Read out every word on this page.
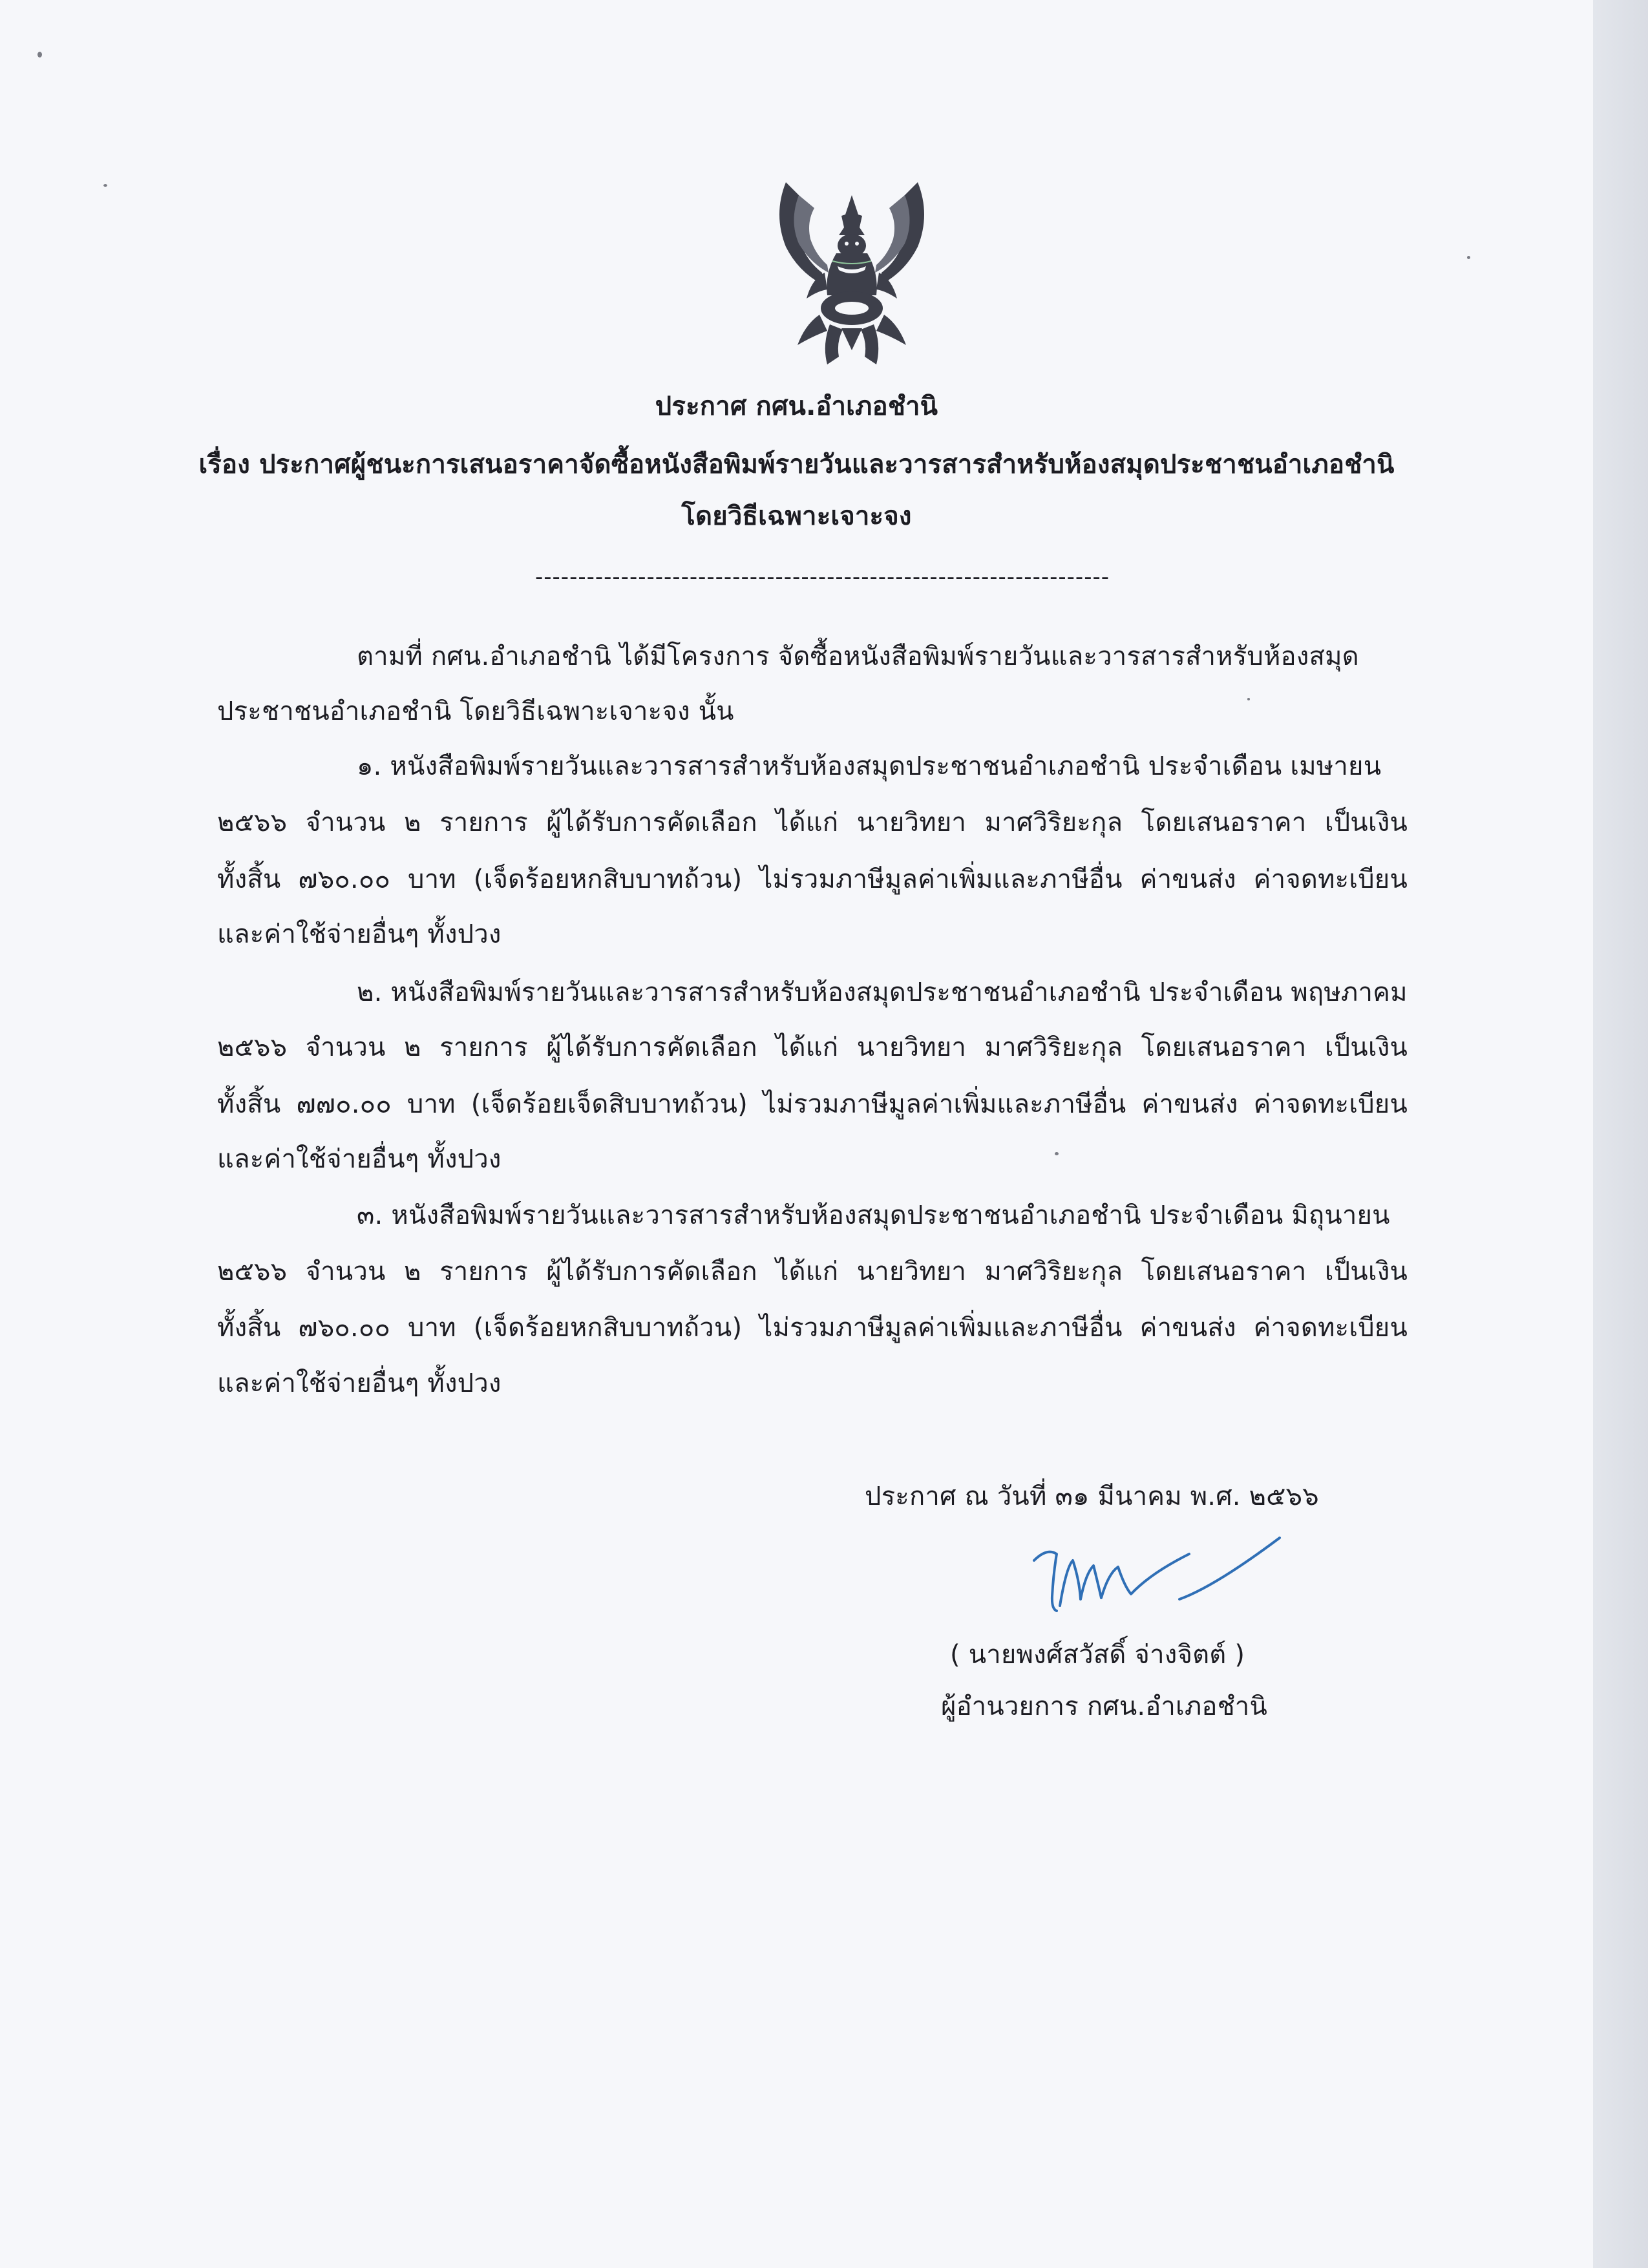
ประกาศ กศน.อำเภอชำนิ
เรื่อง ประกาศผู้ชนะการเสนอราคาจัดซื้อหนังสือพิมพ์รายวันและวารสารสำหรับห้องสมุดประชาชนอำเภอชำนิ
โดยวิธีเฉพาะเจาะจง
-------------------------------------------------------------------
ตามที่ กศน.อำเภอชำนิ ได้มีโครงการ จัดซื้อหนังสือพิมพ์รายวันและวารสารสำหรับห้องสมุด
ประชาชนอำเภอชำนิ โดยวิธีเฉพาะเจาะจง นั้น
๑. หนังสือพิมพ์รายวันและวารสารสำหรับห้องสมุดประชาชนอำเภอชำนิ ประจำเดือน เมษายน
๒๕๖๖ จำนวน ๒ รายการ ผู้ได้รับการคัดเลือก ได้แก่ นายวิทยา มาศวิริยะกุล โดยเสนอราคา เป็นเงิน
ทั้งสิ้น ๗๖๐.๐๐ บาท (เจ็ดร้อยหกสิบบาทถ้วน) ไม่รวมภาษีมูลค่าเพิ่มและภาษีอื่น ค่าขนส่ง ค่าจดทะเบียน
และค่าใช้จ่ายอื่นๆ ทั้งปวง
๒. หนังสือพิมพ์รายวันและวารสารสำหรับห้องสมุดประชาชนอำเภอชำนิ ประจำเดือน พฤษภาคม
๒๕๖๖ จำนวน ๒ รายการ ผู้ได้รับการคัดเลือก ได้แก่ นายวิทยา มาศวิริยะกุล โดยเสนอราคา เป็นเงิน
ทั้งสิ้น ๗๗๐.๐๐ บาท (เจ็ดร้อยเจ็ดสิบบาทถ้วน) ไม่รวมภาษีมูลค่าเพิ่มและภาษีอื่น ค่าขนส่ง ค่าจดทะเบียน
และค่าใช้จ่ายอื่นๆ ทั้งปวง
๓. หนังสือพิมพ์รายวันและวารสารสำหรับห้องสมุดประชาชนอำเภอชำนิ ประจำเดือน มิถุนายน
๒๕๖๖ จำนวน ๒ รายการ ผู้ได้รับการคัดเลือก ได้แก่ นายวิทยา มาศวิริยะกุล โดยเสนอราคา เป็นเงิน
ทั้งสิ้น ๗๖๐.๐๐ บาท (เจ็ดร้อยหกสิบบาทถ้วน) ไม่รวมภาษีมูลค่าเพิ่มและภาษีอื่น ค่าขนส่ง ค่าจดทะเบียน
และค่าใช้จ่ายอื่นๆ ทั้งปวง
ประกาศ ณ วันที่ ๓๑ มีนาคม พ.ศ. ๒๕๖๖
( นายพงศ์สวัสดิ์ จ่างจิตต์ )
ผู้อำนวยการ กศน.อำเภอชำนิ
